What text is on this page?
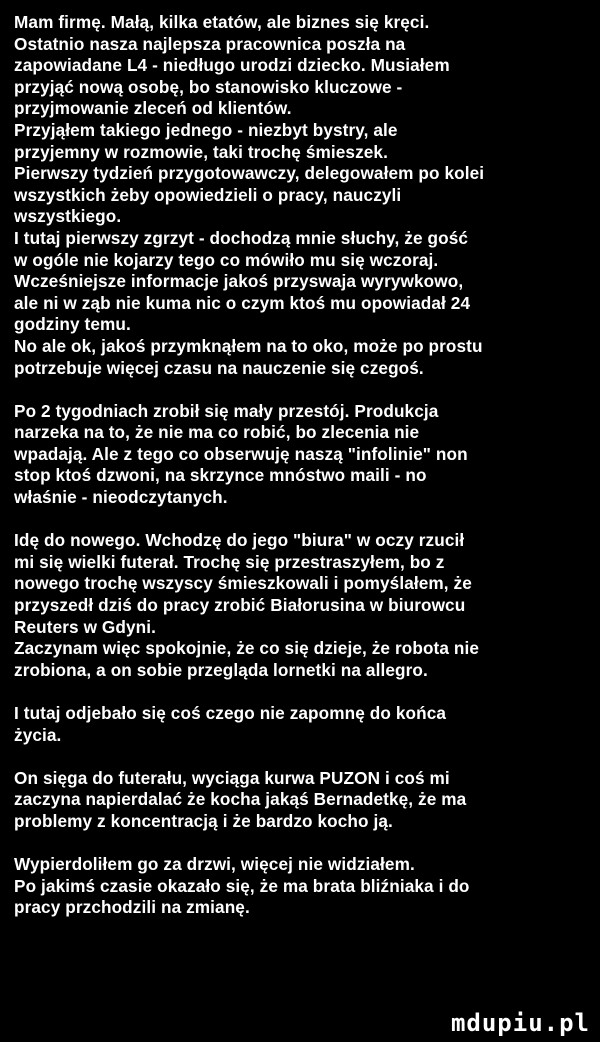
Mam firmę. Małą, kilka etatów, ale biznes się kręci.
Ostatnio nasza najlepsza pracownica poszła na
zapowiadane L4 - niedługo urodzi dziecko. Musiałem
przyjąć nową osobę, bo stanowisko kluczowe -
przyjmowanie zleceń od klientów.
Przyjąłem takiego jednego - niezbyt bystry, ale
przyjemny w rozmowie, taki trochę śmieszek.
Pierwszy tydzień przygotowawczy, delegowałem po kolei
wszystkich żeby opowiedzieli o pracy, nauczyli
wszystkiego.
I tutaj pierwszy zgrzyt - dochodzą mnie słuchy, że gość
w ogóle nie kojarzy tego co mówiło mu się wczoraj.
Wcześniejsze informacje jakoś przyswaja wyrywkowo,
ale ni w ząb nie kuma nic o czym ktoś mu opowiadał 24
godziny temu.
No ale ok, jakoś przymknąłem na to oko, może po prostu
potrzebuje więcej czasu na nauczenie się czegoś.
Po 2 tygodniach zrobił się mały przestój. Produkcja
narzeka na to, że nie ma co robić, bo zlecenia nie
wpadają. Ale z tego co obserwuję naszą "infolinie" non
stop ktoś dzwoni, na skrzynce mnóstwo maili - no
właśnie - nieodczytanych.
Idę do nowego. Wchodzę do jego "biura" w oczy rzucił
mi się wielki futerał. Trochę się przestraszyłem, bo z
nowego trochę wszyscy śmieszkowali i pomyślałem, że
przyszedł dziś do pracy zrobić Białorusina w biurowcu
Reuters w Gdyni.
Zaczynam więc spokojnie, że co się dzieje, że robota nie
zrobiona, a on sobie przegląda lornetki na allegro.
I tutaj odjebało się coś czego nie zapomnę do końca
życia.
On sięga do futerału, wyciąga kurwa PUZON i coś mi
zaczyna napierdalać że kocha jakąś Bernadetkę, że ma
problemy z koncentracją i że bardzo kocho ją.
Wypierdoliłem go za drzwi, więcej nie widziałem.
Po jakimś czasie okazało się, że ma brata bliźniaka i do
pracy przchodzili na zmianę.
mdupiu.pl
